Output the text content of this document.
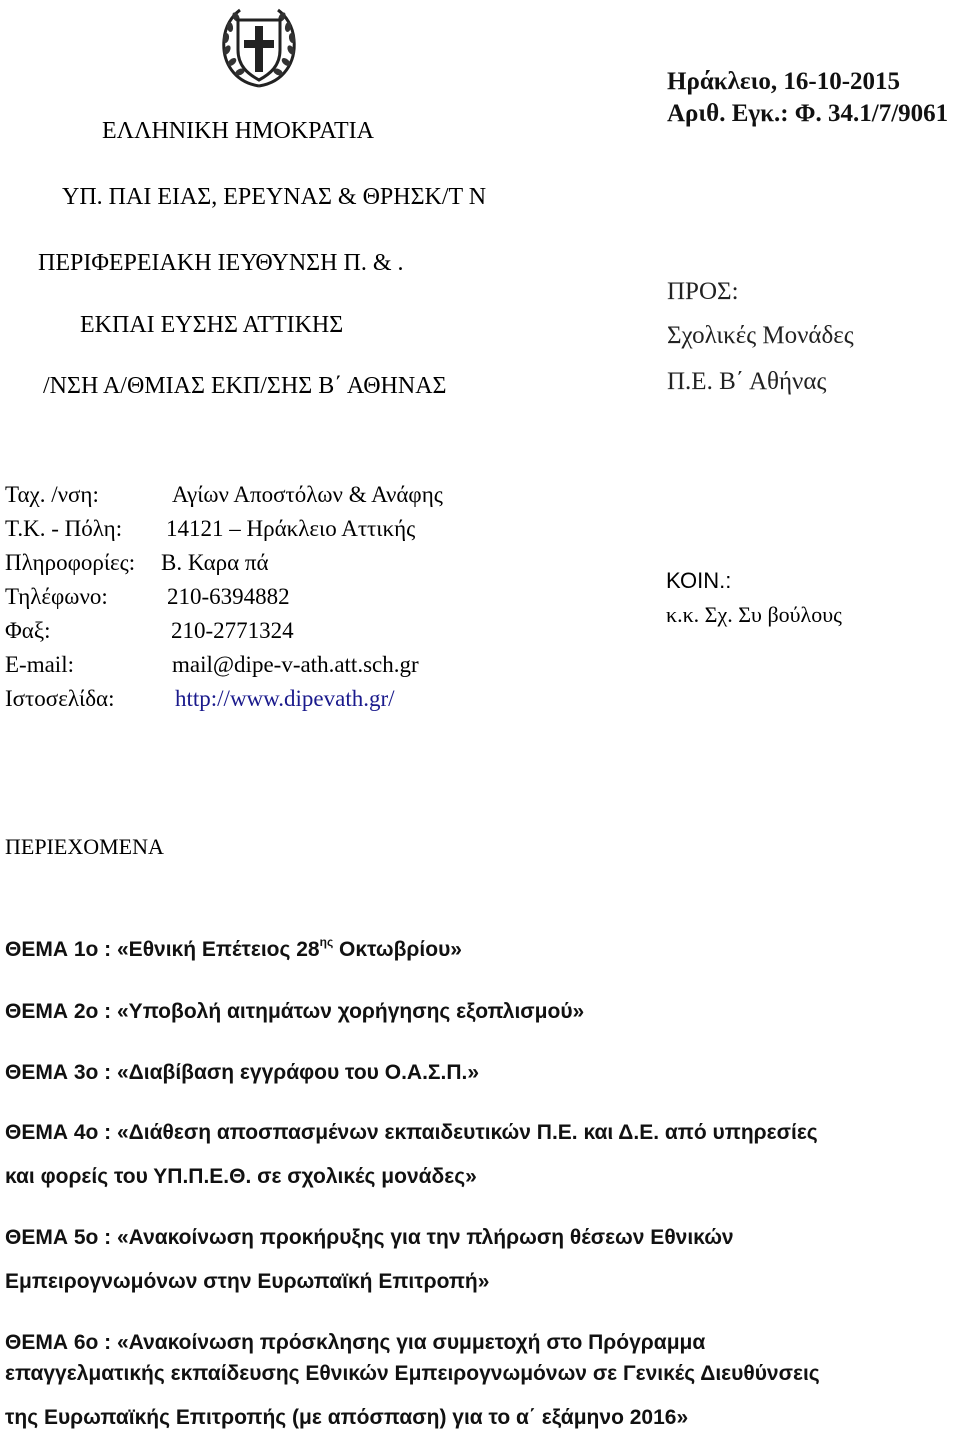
ΕΛΛΗΝΙΚΗ ΗΜΟΚΡΑΤΙΑ
ΥΠ. ΠΑΙ ΕΙΑΣ, ΕΡΕΥΝΑΣ & ΘΡΗΣΚ/Τ Ν
ΠΕΡΙΦΕΡΕΙΑΚΗ ΙΕΥΘΥΝΣΗ Π. & .
ΕΚΠΑΙ ΕΥΣΗΣ ΑΤΤΙΚΗΣ
/ΝΣΗ Α/ΘΜΙΑΣ ΕΚΠ/ΣΗΣ Β΄ ΑΘΗΝΑΣ
Ηράκλειο, 16-10-2015
Αριθ. Εγκ.: Φ. 34.1/7/9061
ΠΡΟΣ:
Σχολικές Μονάδες
Π.Ε. Β΄ Αθήνας
Ταχ. /νση:	Αγίων Αποστόλων & Ανάφης
Τ.Κ. - Πόλη: 14121 – Ηράκλειο Αττικής
Πληροφορίες: Β. Καρα πά
Τηλέφωνο:	210-6394882
Φαξ:	210-2771324
E-mail:	mail@dipe-v-ath.att.sch.gr
Ιστοσελίδα:	http://www.dipevath.gr/
ΚΟΙΝ.:
κ.κ. Σχ. Συ βούλους
ΠΕΡΙΕΧΟΜΕΝΑ
ΘΕΜΑ 1ο : «Εθνική Επέτειος $28^{\eta\varsigma}$ Οκτωβρίου»
ΘΕΜΑ 2ο : «Υποβολή αιτημάτων χορήγησης εξοπλισμού»
ΘΕΜΑ 3ο : «Διαβίβαση εγγράφου του Ο.Α.Σ.Π.»
ΘΕΜΑ 4ο : «Διάθεση αποσπασμένων εκπαιδευτικών Π.Ε. και Δ.Ε. από υπηρεσίες
και φορείς του ΥΠ.Π.Ε.Θ. σε σχολικές μονάδες»
ΘΕΜΑ 5ο : «Ανακοίνωση προκήρυξης για την πλήρωση θέσεων Εθνικών
Εμπειρογνωμόνων στην Ευρωπαϊκή Επιτροπή»
ΘΕΜΑ 6ο : «Ανακοίνωση πρόσκλησης για συμμετοχή στο Πρόγραμμα
επαγγελματικής εκπαίδευσης Εθνικών Εμπειρογνωμόνων σε Γενικές Διευθύνσεις
της Ευρωπαϊκής Επιτροπής (με απόσπαση) για το α΄ εξάμηνο 2016»
